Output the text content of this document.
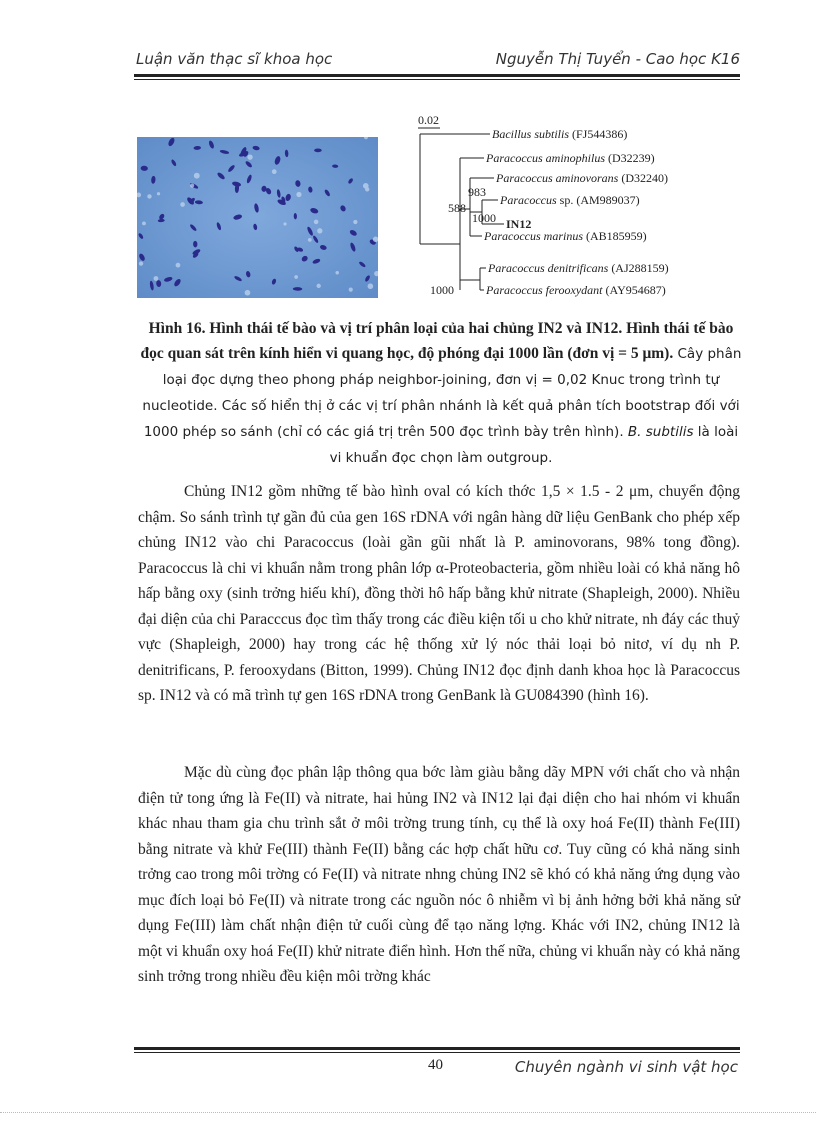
Luận văn thạc sĩ khoa học	Nguyễn Thị Tuyển - Cao học K16
0.02
Bacillus subtilis (FJ544386)
Paracoccus aminophilus (D32239)
Paracoccus aminovorans (D32240)
Paracoccus sp. (AM989037)
IN12
Paracoccus marinus (AB185959)
Paracoccus denitrificans (AJ288159)
Paracoccus ferooxydant (AY954687)
983
588
1000
1000
Hình 16. Hình thái tế bào và vị trí phân loại của hai chủng IN2 và IN12. Hình thái tế bào đọc quan sát trên kính hiển vi quang học, độ phóng đại 1000 lần (đơn vị = 5 μm). Cây phân loại đọc dựng theo phong pháp neighbor-joining, đơn vị = 0,02 Knuc trong trình tự nucleotide. Các số hiển thị ở các vị trí phân nhánh là kết quả phân tích bootstrap đối với 1000 phép so sánh (chỉ có các giá trị trên 500 đọc trình bày trên hình). B. subtilis là loài vi khuẩn đọc chọn làm outgroup.
Chủng IN12 gồm những tế bào hình oval có kích thớc 1,5 × 1.5 - 2 μm, chuyển động chậm. So sánh trình tự gần đủ của gen 16S rDNA với ngân hàng dữ liệu GenBank cho phép xếp chủng IN12 vào chi Paracoccus (loài gần gũi nhất là P. aminovorans, 98% tong đồng). Paracoccus là chi vi khuẩn nằm trong phân lớp α-Proteobacteria, gồm nhiều loài có khả năng hô hấp bằng oxy (sinh trởng hiếu khí), đồng thời hô hấp bằng khử nitrate (Shapleigh, 2000). Nhiều đại diện của chi Paracccus đọc tìm thấy trong các điều kiện tối u cho khử nitrate, nh đáy các thuỷ vực (Shapleigh, 2000) hay trong các hệ thống xử lý nóc thải loại bỏ nitơ, ví dụ nh P. denitrificans, P. ferooxydans (Bitton, 1999). Chủng IN12 đọc định danh khoa học là Paracoccus sp. IN12 và có mã trình tự gen 16S rDNA trong GenBank là GU084390 (hình 16).
Mặc dù cùng đọc phân lập thông qua bớc làm giàu bằng dãy MPN với chất cho và nhận điện tử tong ứng là Fe(II) và nitrate, hai hủng IN2 và IN12 lại đại diện cho hai nhóm vi khuẩn khác nhau tham gia chu trình sắt ở môi trờng trung tính, cụ thể là oxy hoá Fe(II) thành Fe(III) bằng nitrate và khử Fe(III) thành Fe(II) bằng các hợp chất hữu cơ. Tuy cũng có khả năng sinh trởng cao trong môi trờng có Fe(II) và nitrate nhng chủng IN2 sẽ khó có khả năng ứng dụng vào mục đích loại bỏ Fe(II) và nitrate trong các nguồn nóc ô nhiễm vì bị ảnh hởng bởi khả năng sử dụng Fe(III) làm chất nhận điện tử cuối cùng để tạo năng lợng. Khác với IN2, chủng IN12 là một vi khuẩn oxy hoá Fe(II) khử nitrate điển hình. Hơn thế nữa, chủng vi khuẩn này có khả năng sinh trởng trong nhiều đều kiện môi trờng khác
40	Chuyên ngành vi sinh vật học
